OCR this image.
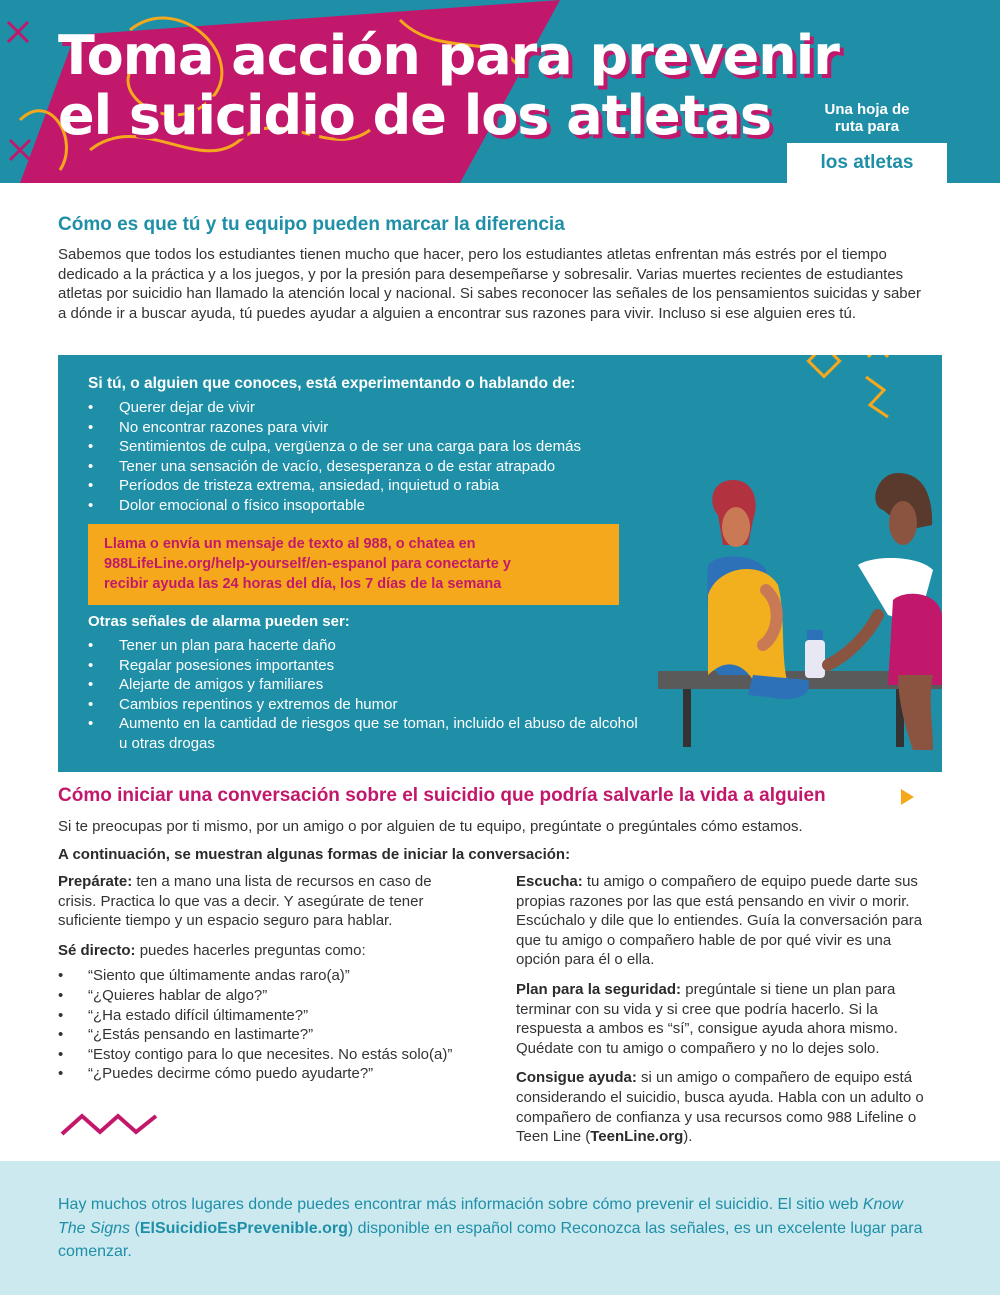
Toma acción para prevenir
el suicidio de los atletas	Una hoja de
ruta para
los atletas
Cómo es que tú y tu equipo pueden marcar la diferencia

Sabemos que todos los estudiantes tienen mucho que hacer, pero los estudiantes atletas enfrentan más estrés por el tiempo dedicado a la práctica y a los juegos, y por la presión para desempeñarse y sobresalir. Varias muertes recientes de estudiantes atletas por suicidio han llamado la atención local y nacional. Si sabes reconocer las señales de los pensamientos suicidas y saber a dónde ir a buscar ayuda, tú puedes ayudar a alguien a encontrar sus razones para vivir. Incluso si ese alguien eres tú.

Si tú, o alguien que conoces, está experimentando o hablando de:
• Querer dejar de vivir
• No encontrar razones para vivir
• Sentimientos de culpa, vergüenza o de ser una carga para los demás
• Tener una sensación de vacío, desesperanza o de estar atrapado
• Períodos de tristeza extrema, ansiedad, inquietud o rabia
• Dolor emocional o físico insoportable
Llama o envía un mensaje de texto al 988, o chatea en
988LifeLine.org/help-yourself/en-espanol para conectarte y
recibir ayuda las 24 horas del día, los 7 días de la semana
Otras señales de alarma pueden ser:
• Tener un plan para hacerte daño
• Regalar posesiones importantes
• Alejarte de amigos y familiares
• Cambios repentinos y extremos de humor
• Aumento en la cantidad de riesgos que se toman, incluido el abuso de alcohol u otras drogas
Cómo iniciar una conversación sobre el suicidio que podría salvarle la vida a alguien

Si te preocupas por ti mismo, por un amigo o por alguien de tu equipo, pregúntate o pregúntales cómo estamos.

A continuación, se muestran algunas formas de iniciar la conversación:

Prepárate: ten a mano una lista de recursos en caso de crisis. Practica lo que vas a decir. Y asegúrate de tener suficiente tiempo y un espacio seguro para hablar.

Sé directo: puedes hacerles preguntas como:

• “Siento que últimamente andas raro(a)”
• “¿Quieres hablar de algo?”
• “¿Ha estado difícil últimamente?”
• “¿Estás pensando en lastimarte?”
• “Estoy contigo para lo que necesites. No estás solo(a)”
• “¿Puedes decirme cómo puedo ayudarte?”

Escucha: tu amigo o compañero de equipo puede darte sus propias razones por las que está pensando en vivir o morir. Escúchalo y dile que lo entiendes. Guía la conversación para que tu amigo o compañero hable de por qué vivir es una opción para él o ella.

Plan para la seguridad: pregúntale si tiene un plan para terminar con su vida y si cree que podría hacerlo. Si la respuesta a ambos es “sí”, consigue ayuda ahora mismo. Quédate con tu amigo o compañero y no lo dejes solo.

Consigue ayuda: si un amigo o compañero de equipo está considerando el suicidio, busca ayuda. Habla con un adulto o compañero de confianza y usa recursos como 988 Lifeline o Teen Line (TeenLine.org).

Hay muchos otros lugares donde puedes encontrar más información sobre cómo prevenir el suicidio. El sitio web Know The Signs (ElSuicidioEsPrevenible.org) disponible en español como Reconozca las señales, es un excelente lugar para comenzar.
